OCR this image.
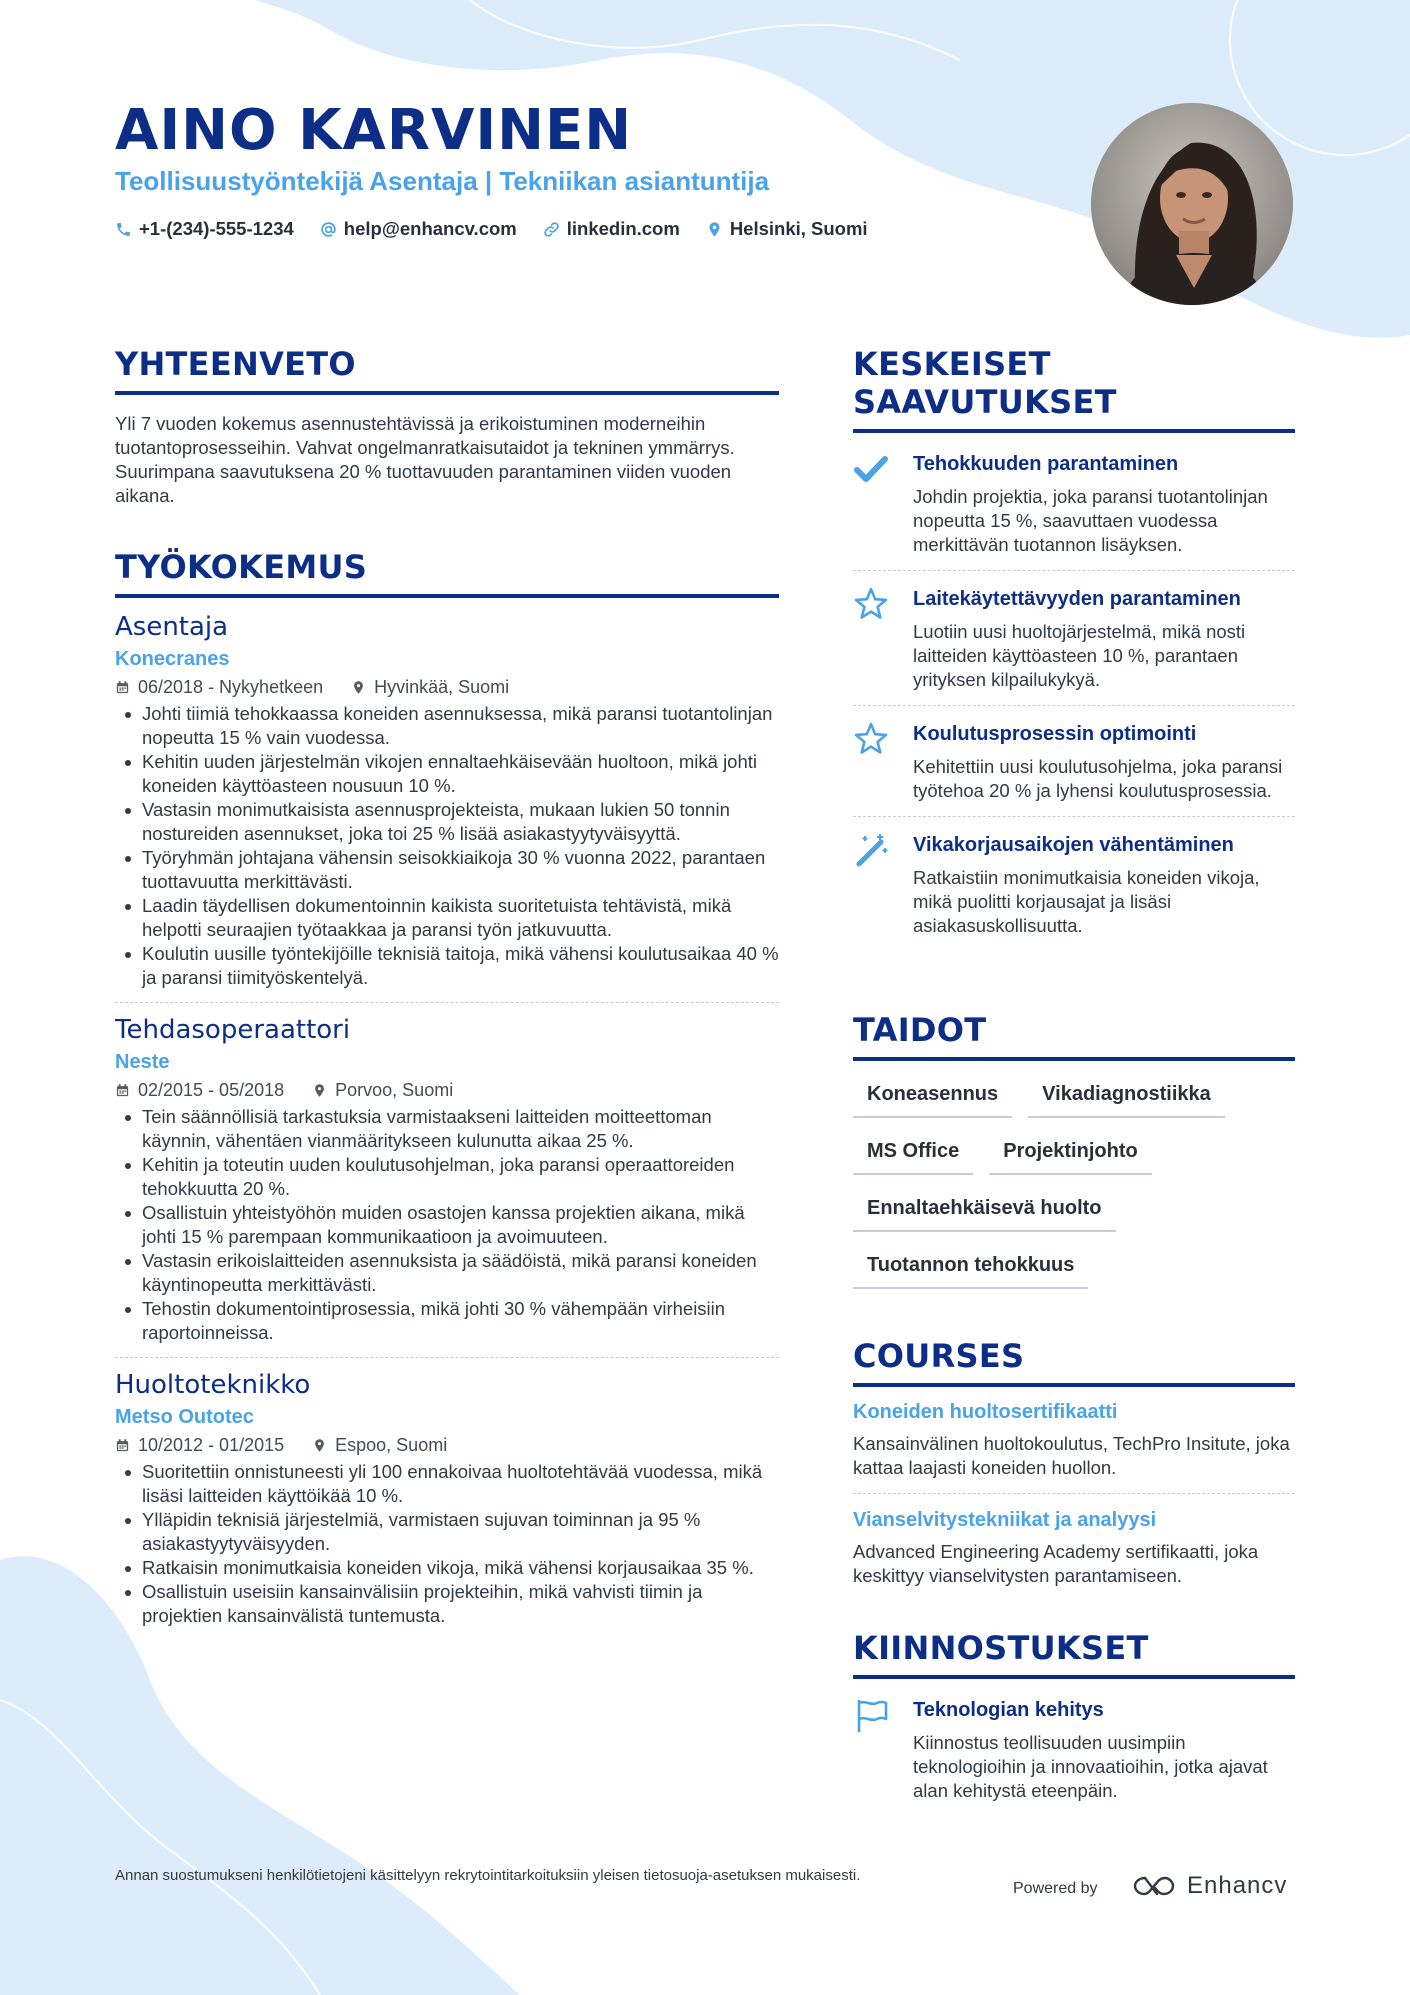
AINO KARVINEN
Teollisuustyöntekijä Asentaja | Tekniikan asiantuntija
+1-(234)-555-1234	help@enhancv.com	linkedin.com	Helsinki, Suomi
YHTEENVETO
Yli 7 vuoden kokemus asennustehtävissä ja erikoistuminen moderneihin tuotantoprosesseihin. Vahvat ongelmanratkaisutaidot ja tekninen ymmärrys. Suurimpana saavutuksena 20 % tuottavuuden parantaminen viiden vuoden aikana.
TYÖKOKEMUS
Asentaja
Konecranes
06/2018 - Nykyhetkeen	Hyvinkää, Suomi
Johti tiimiä tehokkaassa koneiden asennuksessa, mikä paransi tuotantolinjan nopeutta 15 % vain vuodessa.
Kehitin uuden järjestelmän vikojen ennaltaehkäisevään huoltoon, mikä johti koneiden käyttöasteen nousuun 10 %.
Vastasin monimutkaisista asennusprojekteista, mukaan lukien 50 tonnin nostureiden asennukset, joka toi 25 % lisää asiakastyytyväisyyttä.
Työryhmän johtajana vähensin seisokkiaikoja 30 % vuonna 2022, parantaen tuottavuutta merkittävästi.
Laadin täydellisen dokumentoinnin kaikista suoritetuista tehtävistä, mikä helpotti seuraajien työtaakkaa ja paransi työn jatkuvuutta.
Koulutin uusille työntekijöille teknisiä taitoja, mikä vähensi koulutusaikaa 40 % ja paransi tiimityöskentelyä.
Tehdasoperaattori
Neste
02/2015 - 05/2018	Porvoo, Suomi
Tein säännöllisiä tarkastuksia varmistaakseni laitteiden moitteettoman käynnin, vähentäen vianmääritykseen kulunutta aikaa 25 %.
Kehitin ja toteutin uuden koulutusohjelman, joka paransi operaattoreiden tehokkuutta 20 %.
Osallistuin yhteistyöhön muiden osastojen kanssa projektien aikana, mikä johti 15 % parempaan kommunikaatioon ja avoimuuteen.
Vastasin erikoislaitteiden asennuksista ja säädöistä, mikä paransi koneiden käyntinopeutta merkittävästi.
Tehostin dokumentointiprosessia, mikä johti 30 % vähempään virheisiin raportoinneissa.
Huoltoteknikko
Metso Outotec
10/2012 - 01/2015	Espoo, Suomi
Suoritettiin onnistuneesti yli 100 ennakoivaa huoltotehtävää vuodessa, mikä lisäsi laitteiden käyttöikää 10 %.
Ylläpidin teknisiä järjestelmiä, varmistaen sujuvan toiminnan ja 95 % asiakastyytyväisyyden.
Ratkaisin monimutkaisia koneiden vikoja, mikä vähensi korjausaikaa 35 %.
Osallistuin useisiin kansainvälisiin projekteihin, mikä vahvisti tiimin ja projektien kansainvälistä tuntemusta.
KESKEISET SAAVUTUKSET
Tehokkuuden parantaminen
Johdin projektia, joka paransi tuotantolinjan nopeutta 15 %, saavuttaen vuodessa merkittävän tuotannon lisäyksen.
Laitekäytettävyyden parantaminen
Luotiin uusi huoltojärjestelmä, mikä nosti laitteiden käyttöasteen 10 %, parantaen yrityksen kilpailukykyä.
Koulutusprosessin optimointi
Kehitettiin uusi koulutusohjelma, joka paransi työtehoa 20 % ja lyhensi koulutusprosessia.
Vikakorjausaikojen vähentäminen
Ratkaistiin monimutkaisia koneiden vikoja, mikä puolitti korjausajat ja lisäsi asiakasuskollisuutta.
TAIDOT
Koneasennus	Vikadiagnostiikka
MS Office	Projektinjohto
Ennaltaehkäisevä huolto
Tuotannon tehokkuus
COURSES
Koneiden huoltosertifikaatti
Kansainvälinen huoltokoulutus, TechPro Insitute, joka kattaa laajasti koneiden huollon.
Vianselvitystekniikat ja analyysi
Advanced Engineering Academy sertifikaatti, joka keskittyy vianselvitysten parantamiseen.
KIINNOSTUKSET
Teknologian kehitys
Kiinnostus teollisuuden uusimpiin teknologioihin ja innovaatioihin, jotka ajavat alan kehitystä eteenpäin.
Annan suostumukseni henkilötietojeni käsittelyyn rekrytointitarkoituksiin yleisen tietosuoja-asetuksen mukaisesti.
Powered by	Enhancv
